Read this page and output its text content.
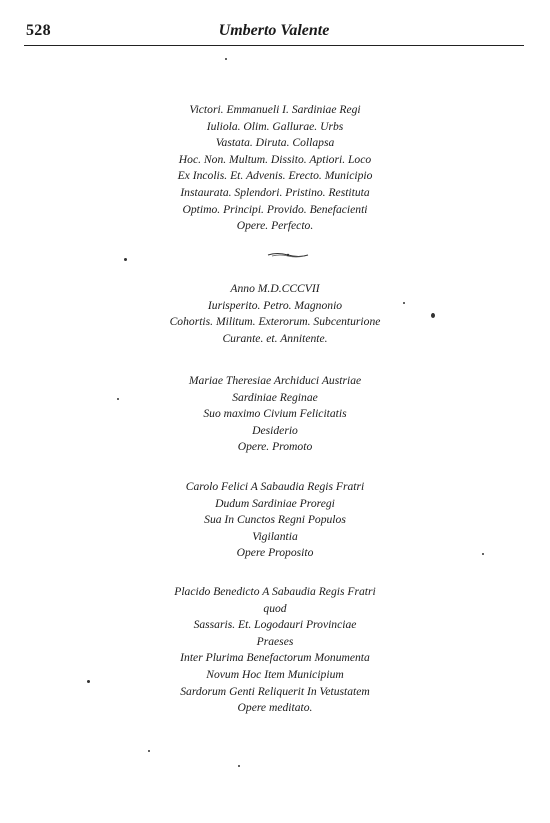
528	Umberto Valente
Victori. Emmanueli I. Sardiniae Regi
Iuliola. Olim. Gallurae. Urbs
Vastata. Diruta. Collapsa
Hoc. Non. Multum. Dissito. Aptiori. Loco
Ex Incolis. Et. Advenis. Erecto. Municipio
Instaurata. Splendori. Pristino. Restituta
Optimo. Principi. Provido. Benefacienti
Opere. Perfecto.
Anno M.D.CCCVII
Iurisperito. Petro. Magnonio
Cohortis. Militum. Exterorum. Subcenturione
Curante. et. Annitente.
Mariae Theresiae Archiduci Austriae
Sardiniae Reginae
Suo maximo Civium Felicitatis
Desiderio
Opere. Promoto
Carolo Felici A Sabaudia Regis Fratri
Dudum Sardiniae Proregi
Sua In Cunctos Regni Populos
Vigilantia
Opere Proposito
Placido Benedicto A Sabaudia Regis Fratri
quod
Sassaris. Et. Logodauri Provinciae
Praeses
Inter Plurima Benefactorum Monumenta
Novum Hoc Item Municipium
Sardorum Genti Reliquerit In Vetustatem
Opere meditato.
